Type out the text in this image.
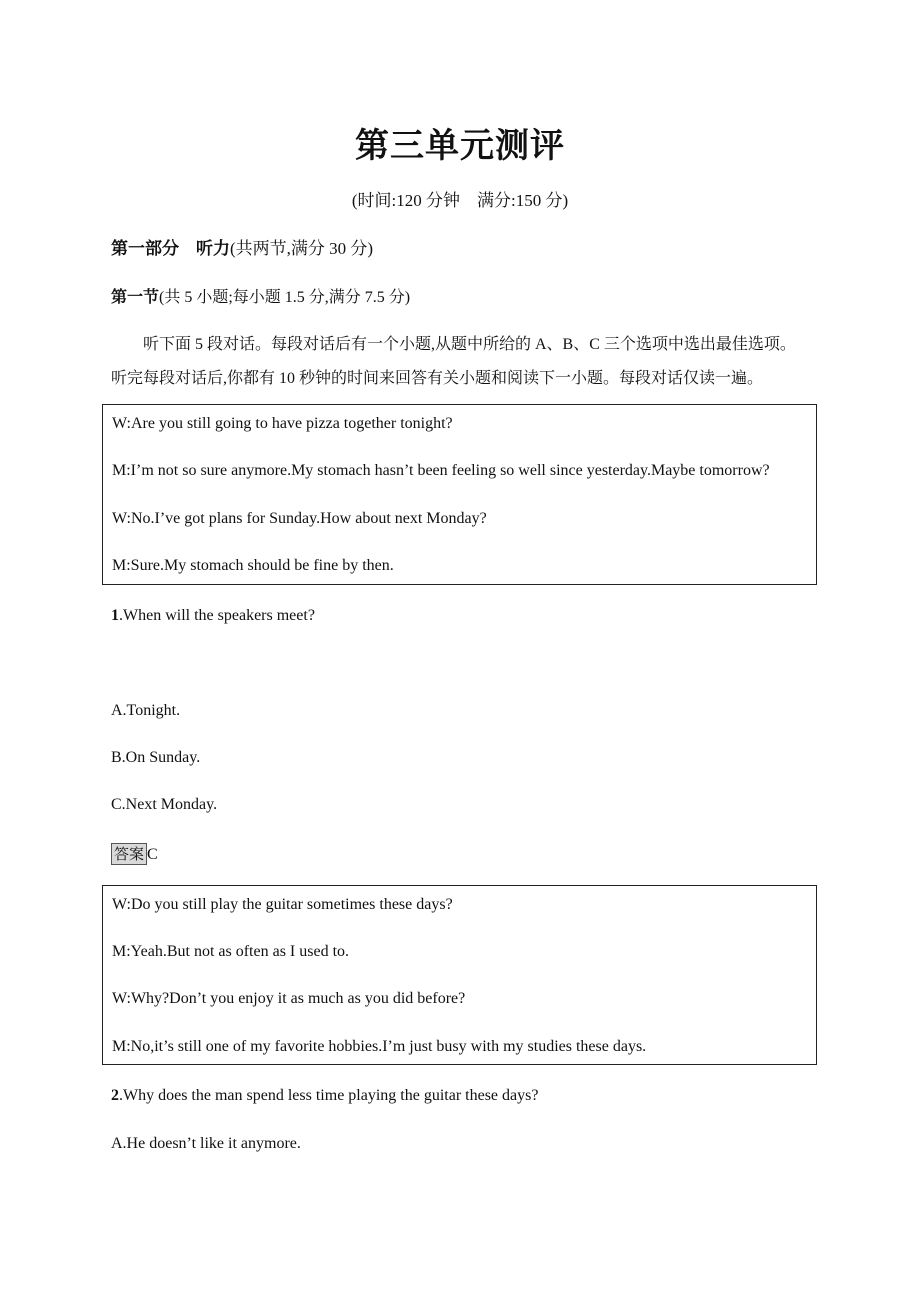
第三单元测评
(时间:120 分钟　满分:150 分)
第一部分　听力(共两节,满分 30 分)
第一节(共 5 小题;每小题 1.5 分,满分 7.5 分)
听下面 5 段对话。每段对话后有一个小题,从题中所给的 A、B、C 三个选项中选出最佳选项。
听完每段对话后,你都有 10 秒钟的时间来回答有关小题和阅读下一小题。每段对话仅读一遍。
W:Are you still going to have pizza together tonight?
M:I’m not so sure anymore.My stomach hasn’t been feeling so well since yesterday.Maybe tomorrow?
W:No.I’ve got plans for Sunday.How about next Monday?
M:Sure.My stomach should be fine by then.
1.When will the speakers meet?
A.Tonight.
B.On Sunday.
C.Next Monday.
答案 C
W:Do you still play the guitar sometimes these days?
M:Yeah.But not as often as I used to.
W:Why?Don’t you enjoy it as much as you did before?
M:No,it’s still one of my favorite hobbies.I’m just busy with my studies these days.
2.Why does the man spend less time playing the guitar these days?
A.He doesn’t like it anymore.
